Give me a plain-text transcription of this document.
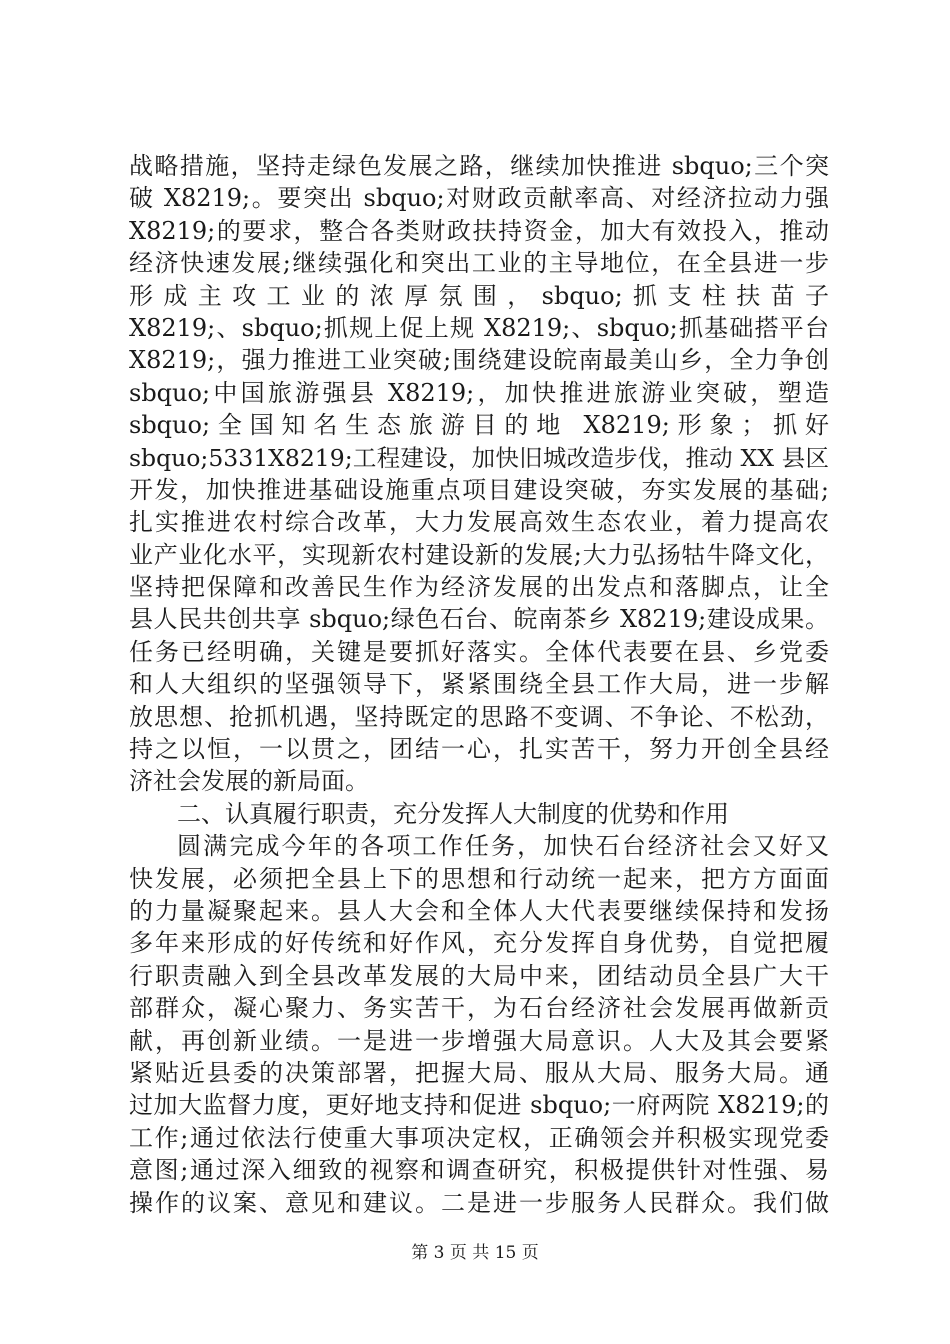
战略措施，坚持走绿色发展之路，继续加快推进 sbquo;三个突
破 X8219;。要突出 sbquo;对财政贡献率高、对经济拉动力强
X8219;的要求，整合各类财政扶持资金，加大有效投入，推动
经济快速发展;继续强化和突出工业的主导地位，在全县进一步
形成主攻工业的浓厚氛围，sbquo;抓支柱扶苗子
X8219;、sbquo;抓规上促上规 X8219;、sbquo;抓基础搭平台
X8219;，强力推进工业突破;围绕建设皖南最美山乡，全力争创
sbquo;中国旅游强县 X8219;，加快推进旅游业突破，塑造
sbquo;全国知名生态旅游目的地 X8219;形象；抓好
sbquo;5331X8219;工程建设，加快旧城改造步伐，推动 XX 县区
开发，加快推进基础设施重点项目建设突破，夯实发展的基础;
扎实推进农村综合改革，大力发展高效生态农业，着力提高农
业产业化水平，实现新农村建设新的发展;大力弘扬牯牛降文化，
坚持把保障和改善民生作为经济发展的出发点和落脚点，让全
县人民共创共享 sbquo;绿色石台、皖南茶乡 X8219;建设成果。
任务已经明确，关键是要抓好落实。全体代表要在县、乡党委
和人大组织的坚强领导下，紧紧围绕全县工作大局，进一步解
放思想、抢抓机遇，坚持既定的思路不变调、不争论、不松劲，
持之以恒，一以贯之，团结一心，扎实苦干，努力开创全县经
济社会发展的新局面。
二、认真履行职责，充分发挥人大制度的优势和作用
圆满完成今年的各项工作任务，加快石台经济社会又好又
快发展，必须把全县上下的思想和行动统一起来，把方方面面
的力量凝聚起来。县人大会和全体人大代表要继续保持和发扬
多年来形成的好传统和好作风，充分发挥自身优势，自觉把履
行职责融入到全县改革发展的大局中来，团结动员全县广大干
部群众，凝心聚力、务实苦干，为石台经济社会发展再做新贡
献，再创新业绩。一是进一步增强大局意识。人大及其会要紧
紧贴近县委的决策部署，把握大局、服从大局、服务大局。通
过加大监督力度，更好地支持和促进 sbquo;一府两院 X8219;的
工作;通过依法行使重大事项决定权，正确领会并积极实现党委
意图;通过深入细致的视察和调查研究，积极提供针对性强、易
操作的议案、意见和建议。二是进一步服务人民群众。我们做
第 3 页 共 15 页
